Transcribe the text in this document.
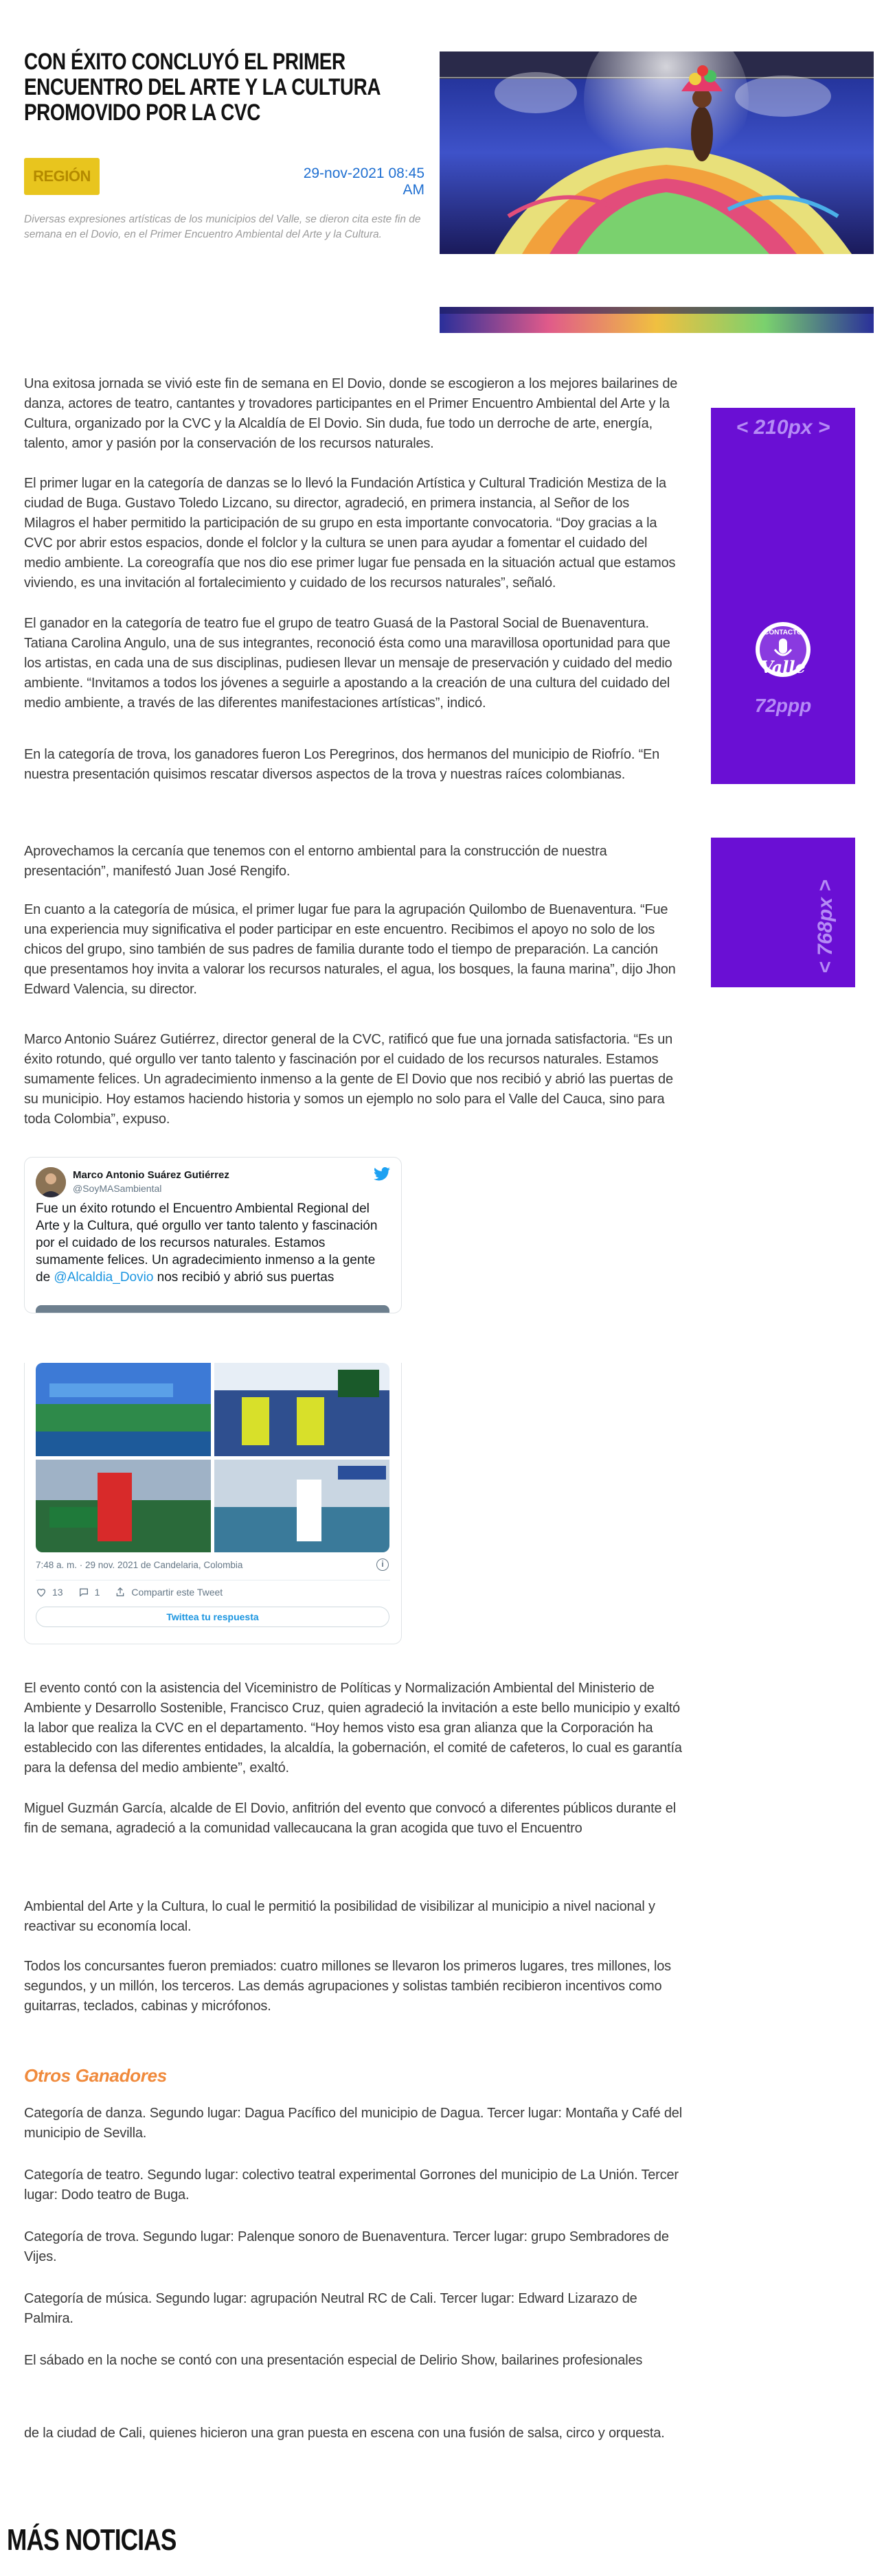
CON ÉXITO CONCLUYÓ EL PRIMER ENCUENTRO DEL ARTE Y LA CULTURA PROMOVIDO POR LA CVC
REGIÓN	29-nov-2021 08:45 AM
Diversas expresiones artísticas de los municipios del Valle, se dieron cita este fin de semana en el Dovio, en el Primer Encuentro Ambiental del Arte y la Cultura.

Una exitosa jornada se vivió este fin de semana en El Dovio, donde se escogieron a los mejores bailarines de danza, actores de teatro, cantantes y trovadores participantes en el Primer Encuentro Ambiental del Arte y la Cultura, organizado por la CVC y la Alcaldía de El Dovio. Sin duda, fue todo un derroche de arte, energía, talento, amor y pasión por la conservación de los recursos naturales.

El primer lugar en la categoría de danzas se lo llevó la Fundación Artística y Cultural Tradición Mestiza de la ciudad de Buga. Gustavo Toledo Lizcano, su director, agradeció, en primera instancia, al Señor de los Milagros el haber permitido la participación de su grupo en esta importante convocatoria. “Doy gracias a la CVC por abrir estos espacios, donde el folclor y la cultura se unen para ayudar a fomentar el cuidado del medio ambiente. La coreografía que nos dio ese primer lugar fue pensada en la situación actual que estamos viviendo, es una invitación al fortalecimiento y cuidado de los recursos naturales”, señaló.

El ganador en la categoría de teatro fue el grupo de teatro Guasá de la Pastoral Social de Buenaventura. Tatiana Carolina Angulo, una de sus integrantes, reconoció ésta como una maravillosa oportunidad para que los artistas, en cada una de sus disciplinas, pudiesen llevar un mensaje de preservación y cuidado del medio ambiente. “Invitamos a todos los jóvenes a seguirle a apostando a la creación de una cultura del cuidado del medio ambiente, a través de las diferentes manifestaciones artísticas”, indicó.

En la categoría de trova, los ganadores fueron Los Peregrinos, dos hermanos del municipio de Riofrío. “En nuestra presentación quisimos rescatar diversos aspectos de la trova y nuestras raíces colombianas.

Aprovechamos la cercanía que tenemos con el entorno ambiental para la construcción de nuestra presentación”, manifestó Juan José Rengifo.

En cuanto a la categoría de música, el primer lugar fue para la agrupación Quilombo de Buenaventura. “Fue una experiencia muy significativa el poder participar en este encuentro. Recibimos el apoyo no solo de los chicos del grupo, sino también de sus padres de familia durante todo el tiempo de preparación. La canción que presentamos hoy invita a valorar los recursos naturales, el agua, los bosques, la fauna marina”, dijo Jhon Edward Valencia, su director.

Marco Antonio Suárez Gutiérrez, director general de la CVC, ratificó que fue una jornada satisfactoria. “Es un éxito rotundo, qué orgullo ver tanto talento y fascinación por el cuidado de los recursos naturales. Estamos sumamente felices. Un agradecimiento inmenso a la gente de El Dovio que nos recibió y abrió las puertas de su municipio. Hoy estamos haciendo historia y somos un ejemplo no solo para el Valle del Cauca, sino para toda Colombia”, expuso.

< 210px >
CONTACTO
Valle
72ppp
< 768px >
Marco Antonio Suárez Gutiérrez
@SoyMASambiental
Fue un éxito rotundo el Encuentro Ambiental Regional del Arte y la Cultura, qué orgullo ver tanto talento y fascinación por el cuidado de los recursos naturales. Estamos sumamente felices. Un agradecimiento inmenso a la gente de @Alcaldia_Dovio nos recibió y abrió sus puertas
7:48 a. m. · 29 nov. 2021 de Candelaria, Colombia	i
13	1	Compartir este Tweet
Twittea tu respuesta

El evento contó con la asistencia del Viceministro de Políticas y Normalización Ambiental del Ministerio de Ambiente y Desarrollo Sostenible, Francisco Cruz, quien agradeció la invitación a este bello municipio y exaltó la labor que realiza la CVC en el departamento. “Hoy hemos visto esa gran alianza que la Corporación ha establecido con las diferentes entidades, la alcaldía, la gobernación, el comité de cafeteros, lo cual es garantía para la defensa del medio ambiente”, exaltó.

Miguel Guzmán García, alcalde de El Dovio, anfitrión del evento que convocó a diferentes públicos durante el fin de semana, agradeció a la comunidad vallecaucana la gran acogida que tuvo el Encuentro

Ambiental del Arte y la Cultura, lo cual le permitió la posibilidad de visibilizar al municipio a nivel nacional y reactivar su economía local.

Todos los concursantes fueron premiados: cuatro millones se llevaron los primeros lugares, tres millones, los segundos, y un millón, los terceros. Las demás agrupaciones y solistas también recibieron incentivos como guitarras, teclados, cabinas y micrófonos.

Otros Ganadores

Categoría de danza. Segundo lugar: Dagua Pacífico del municipio de Dagua. Tercer lugar: Montaña y Café del municipio de Sevilla.

Categoría de teatro. Segundo lugar: colectivo teatral experimental Gorrones del municipio de La Unión. Tercer lugar: Dodo teatro de Buga.

Categoría de trova. Segundo lugar: Palenque sonoro de Buenaventura. Tercer lugar: grupo Sembradores de Vijes.

Categoría de música. Segundo lugar: agrupación Neutral RC de Cali. Tercer lugar: Edward Lizarazo de Palmira.

El sábado en la noche se contó con una presentación especial de Delirio Show, bailarines profesionales

de la ciudad de Cali, quienes hicieron una gran puesta en escena con una fusión de salsa, circo y orquesta.

MÁS NOTICIAS
